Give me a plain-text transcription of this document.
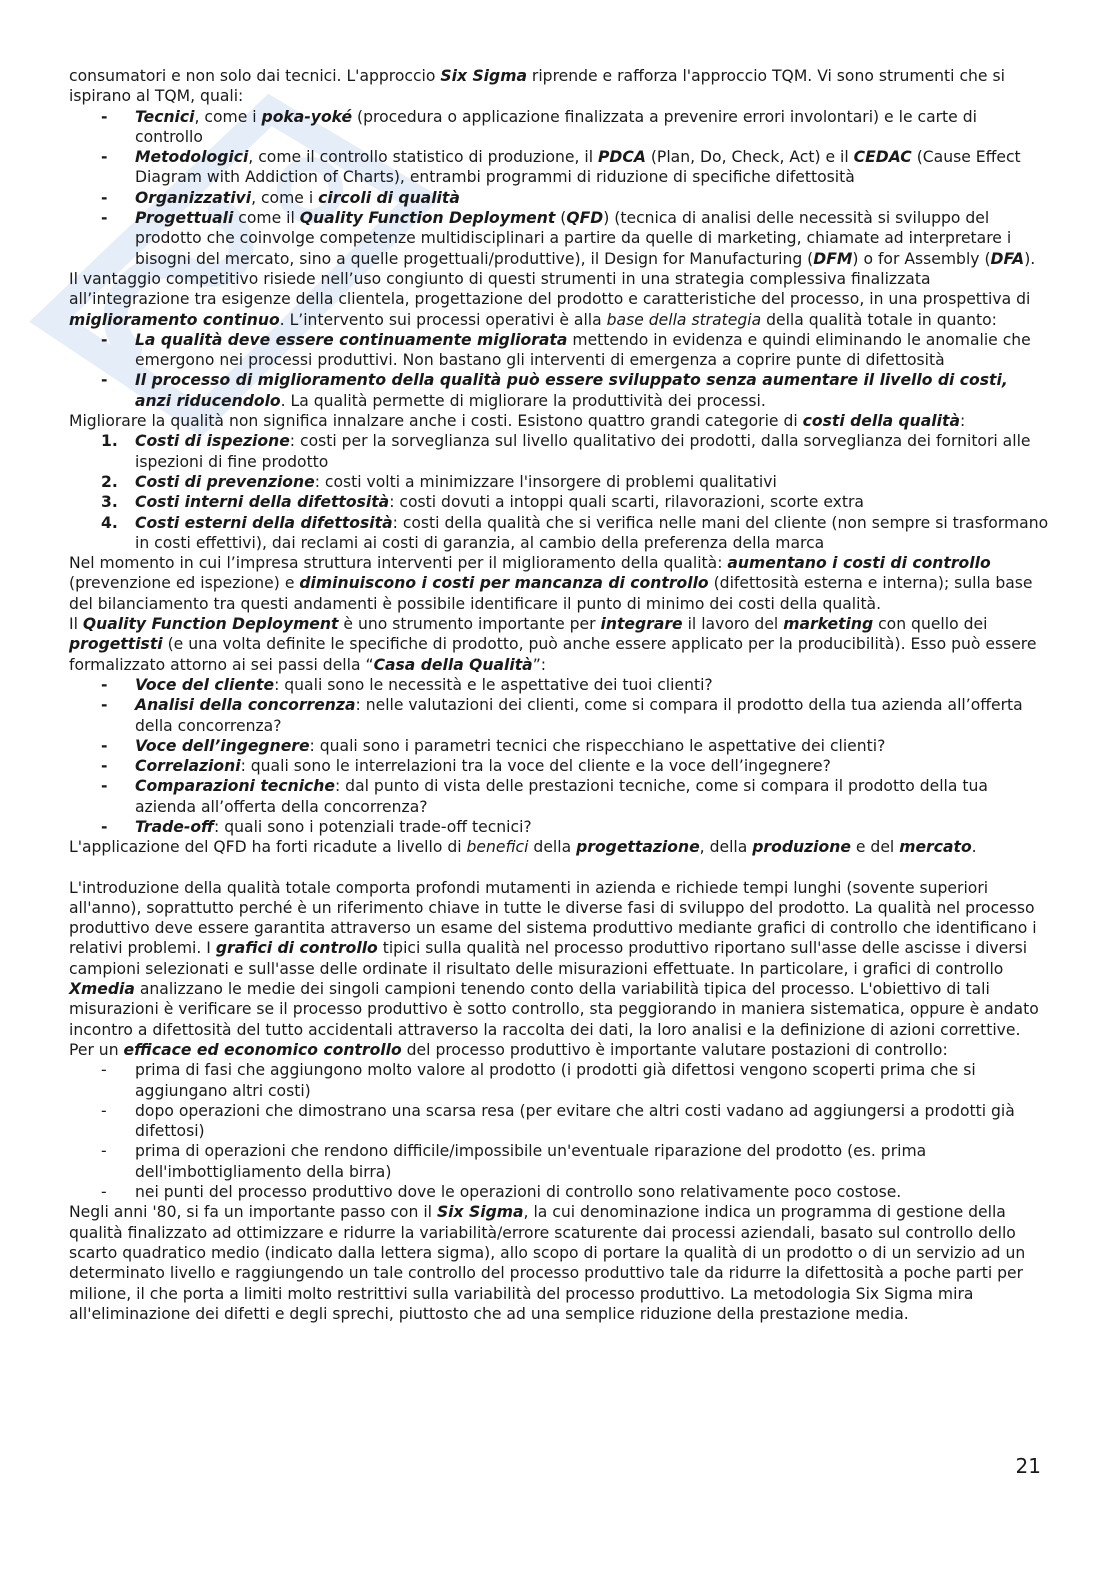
consumatori e non solo dai tecnici. L'approccio Six Sigma riprende e rafforza l'approccio TQM. Vi sono strumenti che si ispirano al TQM, quali:

- Tecnici, come i poka-yoké (procedura o applicazione finalizzata a prevenire errori involontari) e le carte di controllo
- Metodologici, come il controllo statistico di produzione, il PDCA (Plan, Do, Check, Act) e il CEDAC (Cause Effect Diagram with Addiction of Charts), entrambi programmi di riduzione di specifiche difettosità
- Organizzativi, come i circoli di qualità
- Progettuali come il Quality Function Deployment (QFD) (tecnica di analisi delle necessità si sviluppo del prodotto che coinvolge competenze multidisciplinari a partire da quelle di marketing, chiamate ad interpretare i bisogni del mercato, sino a quelle progettuali/produttive), il Design for Manufacturing (DFM) o for Assembly (DFA).

Il vantaggio competitivo risiede nell’uso congiunto di questi strumenti in una strategia complessiva finalizzata all’integrazione tra esigenze della clientela, progettazione del prodotto e caratteristiche del processo, in una prospettiva di miglioramento continuo. L’intervento sui processi operativi è alla base della strategia della qualità totale in quanto:

- La qualità deve essere continuamente migliorata mettendo in evidenza e quindi eliminando le anomalie che emergono nei processi produttivi. Non bastano gli interventi di emergenza a coprire punte di difettosità
- Il processo di miglioramento della qualità può essere sviluppato senza aumentare il livello di costi, anzi riducendolo. La qualità permette di migliorare la produttività dei processi.

Migliorare la qualità non significa innalzare anche i costi. Esistono quattro grandi categorie di costi della qualità:

1. Costi di ispezione: costi per la sorveglianza sul livello qualitativo dei prodotti, dalla sorveglianza dei fornitori alle ispezioni di fine prodotto
2. Costi di prevenzione: costi volti a minimizzare l'insorgere di problemi qualitativi
3. Costi interni della difettosità: costi dovuti a intoppi quali scarti, rilavorazioni, scorte extra
4. Costi esterni della difettosità: costi della qualità che si verifica nelle mani del cliente (non sempre si trasformano in costi effettivi), dai reclami ai costi di garanzia, al cambio della preferenza della marca

Nel momento in cui l’impresa struttura interventi per il miglioramento della qualità: aumentano i costi di controllo (prevenzione ed ispezione) e diminuiscono i costi per mancanza di controllo (difettosità esterna e interna); sulla base del bilanciamento tra questi andamenti è possibile identificare il punto di minimo dei costi della qualità.

Il Quality Function Deployment è uno strumento importante per integrare il lavoro del marketing con quello dei progettisti (e una volta definite le specifiche di prodotto, può anche essere applicato per la producibilità). Esso può essere formalizzato attorno ai sei passi della “Casa della Qualità”:

- Voce del cliente: quali sono le necessità e le aspettative dei tuoi clienti?
- Analisi della concorrenza: nelle valutazioni dei clienti, come si compara il prodotto della tua azienda all’offerta della concorrenza?
- Voce dell’ingegnere: quali sono i parametri tecnici che rispecchiano le aspettative dei clienti?
- Correlazioni: quali sono le interrelazioni tra la voce del cliente e la voce dell’ingegnere?
- Comparazioni tecniche: dal punto di vista delle prestazioni tecniche, come si compara il prodotto della tua azienda all’offerta della concorrenza?
- Trade-off: quali sono i potenziali trade-off tecnici?

L'applicazione del QFD ha forti ricadute a livello di benefici della progettazione, della produzione e del mercato.

L'introduzione della qualità totale comporta profondi mutamenti in azienda e richiede tempi lunghi (sovente superiori all'anno), soprattutto perché è un riferimento chiave in tutte le diverse fasi di sviluppo del prodotto. La qualità nel processo produttivo deve essere garantita attraverso un esame del sistema produttivo mediante grafici di controllo che identificano i relativi problemi. I grafici di controllo tipici sulla qualità nel processo produttivo riportano sull'asse delle ascisse i diversi campioni selezionati e sull'asse delle ordinate il risultato delle misurazioni effettuate. In particolare, i grafici di controllo Xmedia analizzano le medie dei singoli campioni tenendo conto della variabilità tipica del processo. L'obiettivo di tali misurazioni è verificare se il processo produttivo è sotto controllo, sta peggiorando in maniera sistematica, oppure è andato incontro a difettosità del tutto accidentali attraverso la raccolta dei dati, la loro analisi e la definizione di azioni correttive. Per un efficace ed economico controllo del processo produttivo è importante valutare postazioni di controllo:

- prima di fasi che aggiungono molto valore al prodotto (i prodotti già difettosi vengono scoperti prima che si aggiungano altri costi)
- dopo operazioni che dimostrano una scarsa resa (per evitare che altri costi vadano ad aggiungersi a prodotti già difettosi)
- prima di operazioni che rendono difficile/impossibile un'eventuale riparazione del prodotto (es. prima dell'imbottigliamento della birra)
- nei punti del processo produttivo dove le operazioni di controllo sono relativamente poco costose.

Negli anni '80, si fa un importante passo con il Six Sigma, la cui denominazione indica un programma di gestione della qualità finalizzato ad ottimizzare e ridurre la variabilità/errore scaturente dai processi aziendali, basato sul controllo dello scarto quadratico medio (indicato dalla lettera sigma), allo scopo di portare la qualità di un prodotto o di un servizio ad un determinato livello e raggiungendo un tale controllo del processo produttivo tale da ridurre la difettosità a poche parti per milione, il che porta a limiti molto restrittivi sulla variabilità del processo produttivo. La metodologia Six Sigma mira all'eliminazione dei difetti e degli sprechi, piuttosto che ad una semplice riduzione della prestazione media.

21
